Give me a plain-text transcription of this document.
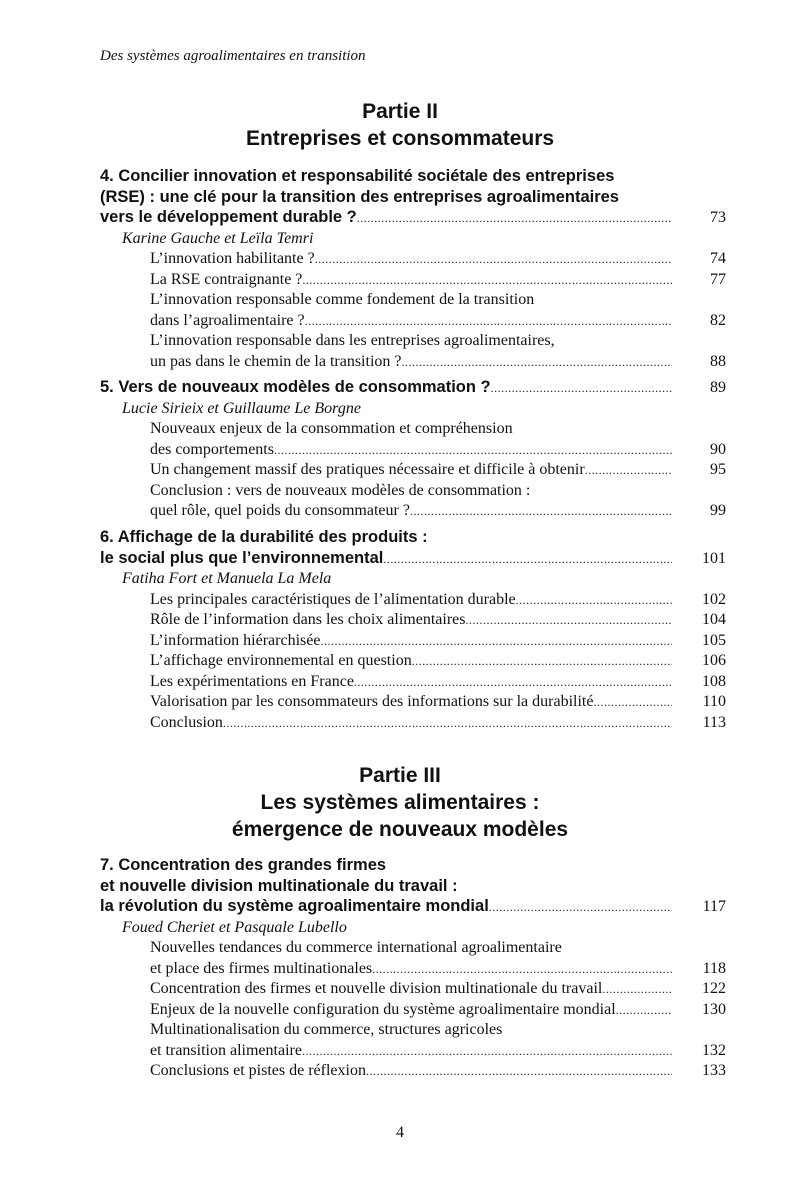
Des systèmes agroalimentaires en transition
Partie II
Entreprises et consommateurs
4. Concilier innovation et responsabilité sociétale des entreprises
(RSE) : une clé pour la transition des entreprises agroalimentaires
vers le développement durable ? .....	73
Karine Gauche et Leïla Temri
L’innovation habilitante ? .....	74
La RSE contraignante ? .....	77
L’innovation responsable comme fondement de la transition
dans l’agroalimentaire ? .....	82
L’innovation responsable dans les entreprises agroalimentaires,
un pas dans le chemin de la transition ? .....	88
5. Vers de nouveaux modèles de consommation ? .....	89
Lucie Sirieix et Guillaume Le Borgne
Nouveaux enjeux de la consommation et compréhension
des comportements .....	90
Un changement massif des pratiques nécessaire et difficile à obtenir .....	95
Conclusion : vers de nouveaux modèles de consommation :
quel rôle, quel poids du consommateur ? .....	99
6. Affichage de la durabilité des produits :
le social plus que l’environnemental .....	101
Fatiha Fort et Manuela La Mela
Les principales caractéristiques de l’alimentation durable .....	102
Rôle de l’information dans les choix alimentaires .....	104
L’information hiérarchisée .....	105
L’affichage environnemental en question .....	106
Les expérimentations en France .....	108
Valorisation par les consommateurs des informations sur la durabilité .....	110
Conclusion .....	113
Partie III
Les systèmes alimentaires :
émergence de nouveaux modèles
7. Concentration des grandes firmes
et nouvelle division multinationale du travail :
la révolution du système agroalimentaire mondial .....	117
Foued Cheriet et Pasquale Lubello
Nouvelles tendances du commerce international agroalimentaire
et place des firmes multinationales .....	118
Concentration des firmes et nouvelle division multinationale du travail .....	122
Enjeux de la nouvelle configuration du système agroalimentaire mondial .....	130
Multinationalisation du commerce, structures agricoles
et transition alimentaire .....	132
Conclusions et pistes de réflexion .....	133
4
